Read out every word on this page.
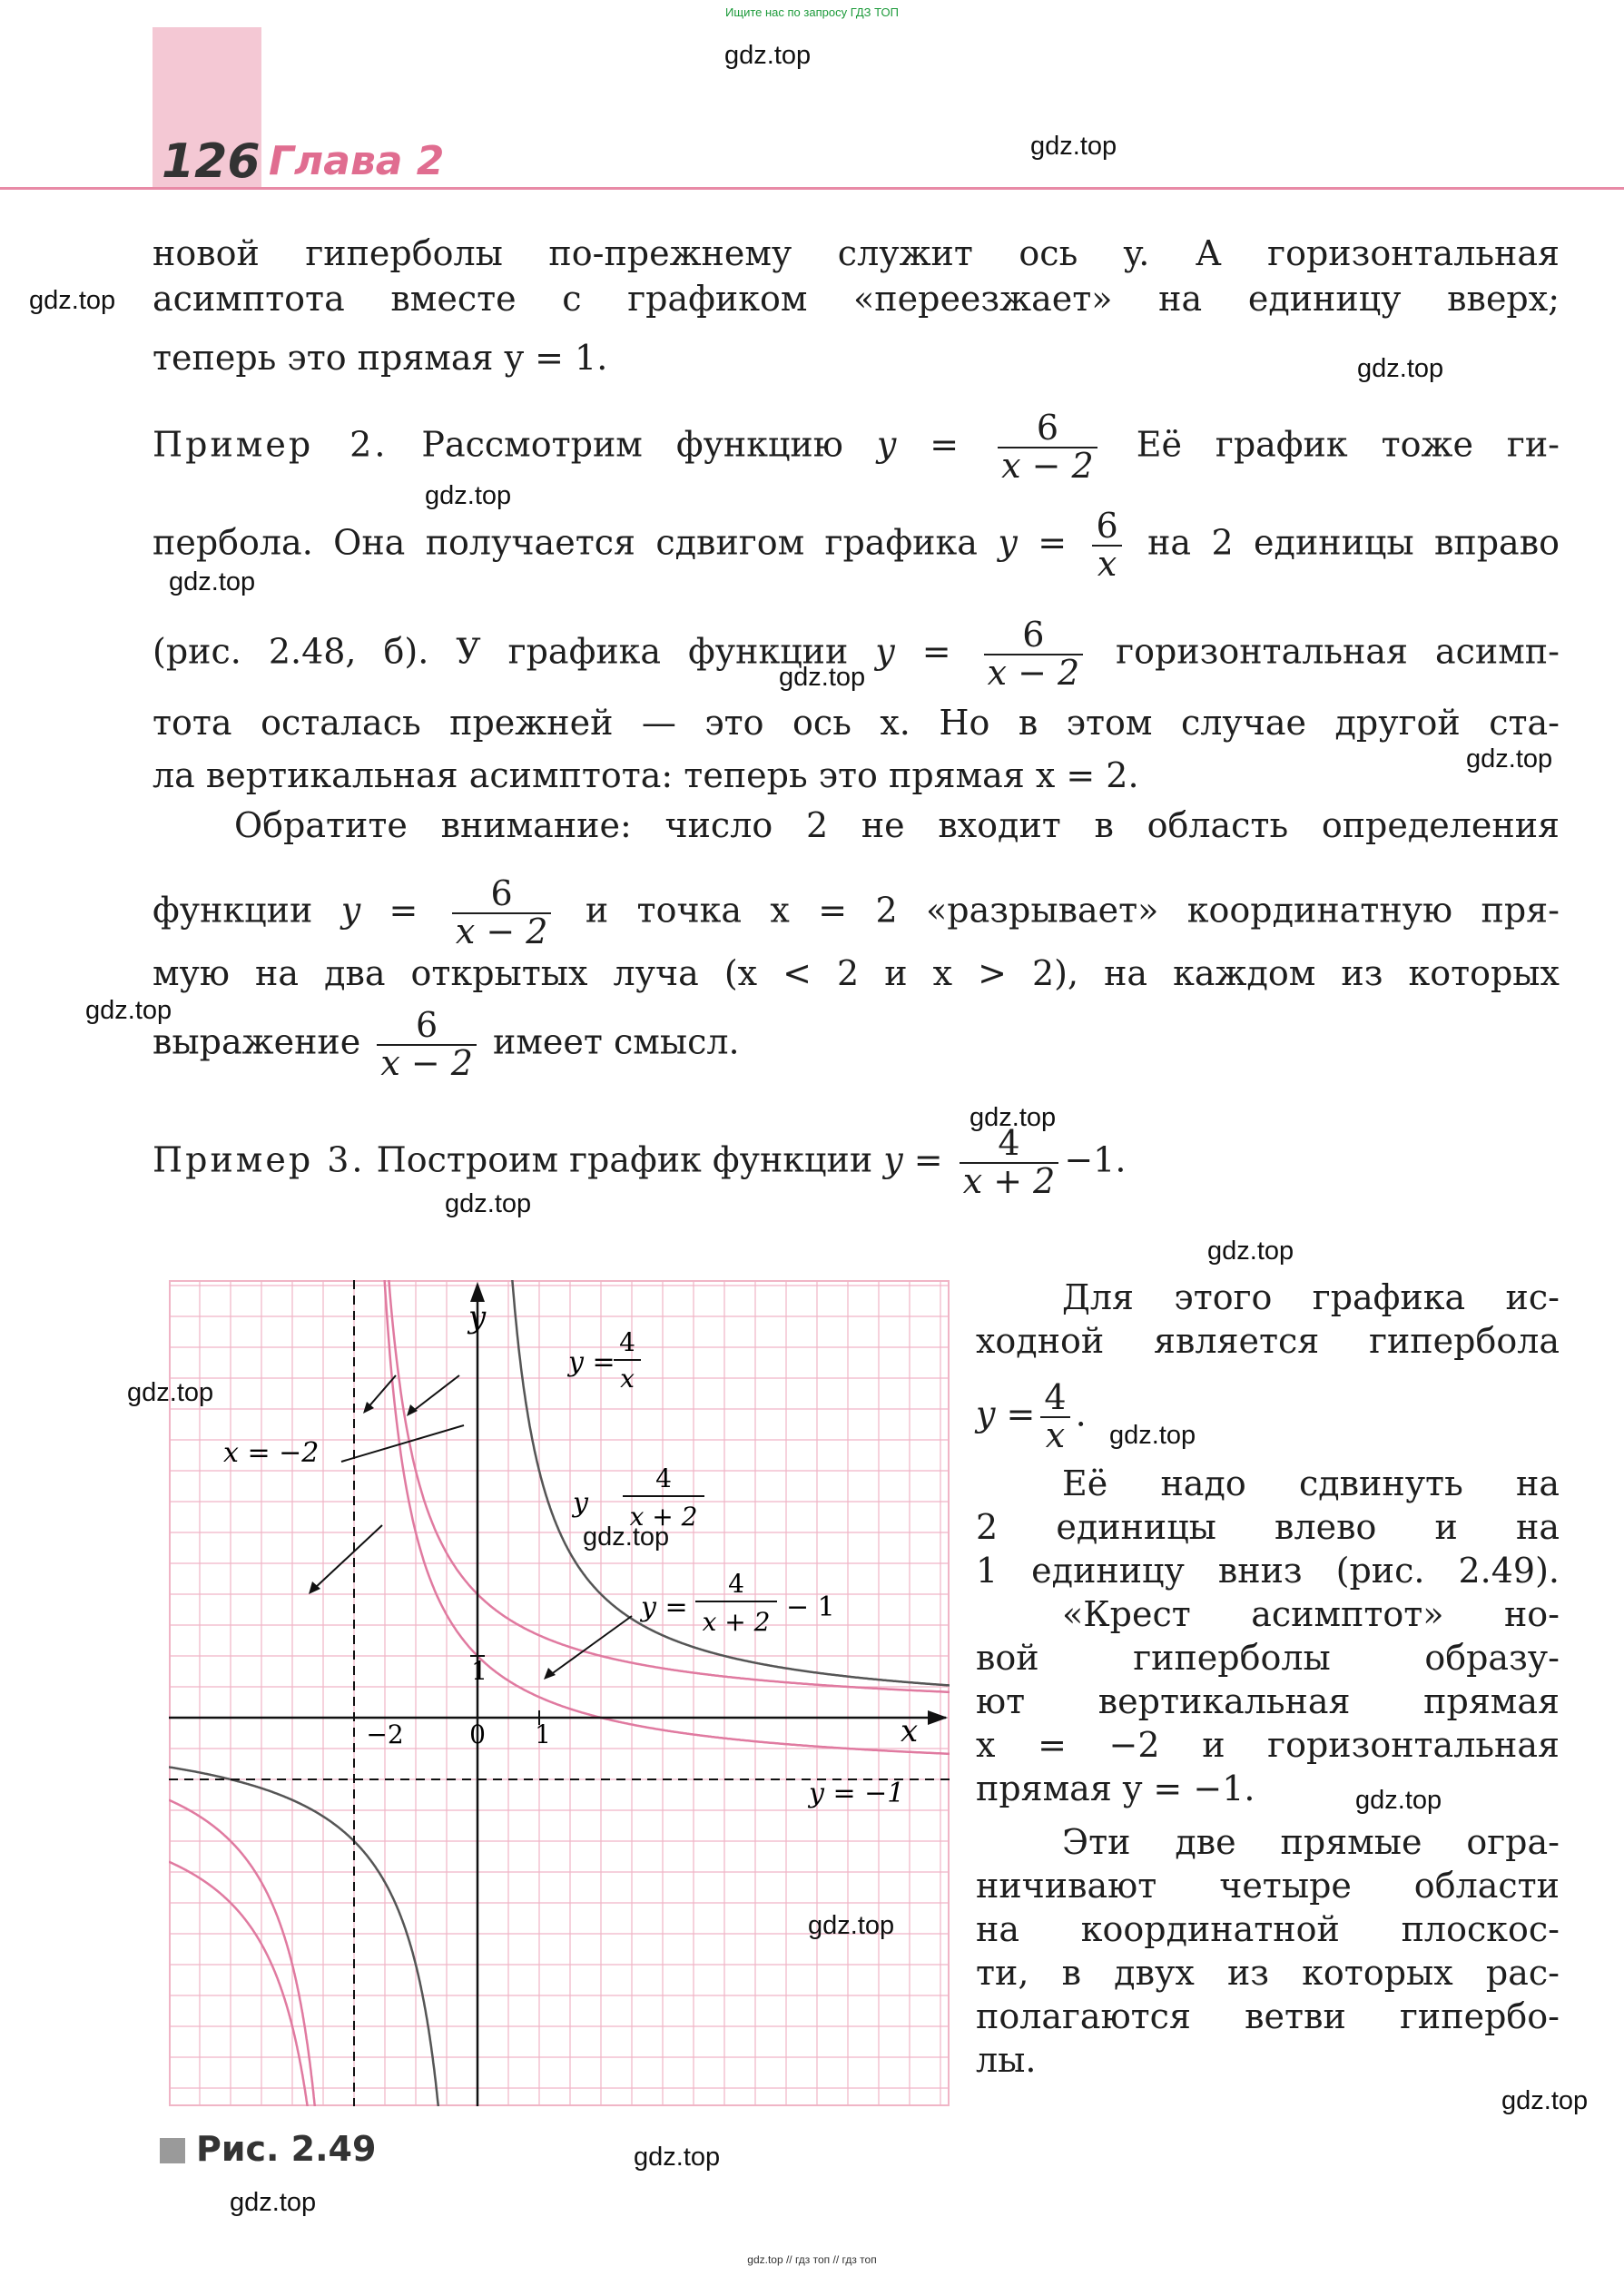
Ищите нас по запросу ГДЗ ТОП
126 Глава 2
новой гиперболы по-прежнему служит ось y. А горизонтальная
асимптота вместе с графиком «переезжает» на единицу вверх;
теперь это прямая y = 1.
Пример 2. Рассмотрим функцию $y = \frac{6}{x - 2}$ Её график тоже ги-
пербола. Она получается сдвигом графика $y = \frac{6}{x}$ на 2 единицы вправо
(рис. 2.48, б). У графика функции $y = \frac{6}{x - 2}$ горизонтальная асимп-
тота осталась прежней — это ось x. Но в этом случае другой ста-
ла вертикальная асимптота: теперь это прямая x = 2.
Обратите внимание: число 2 не входит в область определения
функции $y = \frac{6}{x - 2}$ и точка x = 2 «разрывает» координатную пря-
мую на два открытых луча (x < 2 и x > 2), на каждом из которых
выражение $\frac{6}{x - 2}$ имеет смысл.
Пример 3. Построим график функции $y = \frac{4}{x + 2} -1$.
Для этого графика ис-
ходной является гипербола
$y = \frac{4}{x}$ .
Её надо сдвинуть на
2 единицы влево и на
1 единицу вниз (рис. 2.49).
«Крест асимптот» но-
вой гиперболы образу-
ют вертикальная прямая
x = −2 и горизонтальная
прямая y = −1.
Эти две прямые огра-
ничивают четыре области
на координатной плоскос-
ти, в двух из которых рас-
полагаются ветви гипербо-
лы.
y
x
x = −2
y = −1
y =
4
x
y
4
x + 2
y =
4
x + 2 − 1
−2	0 1
1
Рис. 2.49
gdz.top
gdz.top
gdz.top
gdz.top
gdz.top
gdz.top
gdz.top
gdz.top
gdz.top
gdz.top
gdz.top
gdz.top
gdz.top
gdz.top
gdz.top
gdz.top
gdz.top
gdz.top
gdz.top
gdz.top
gdz.top // гдз топ // гдз топ
